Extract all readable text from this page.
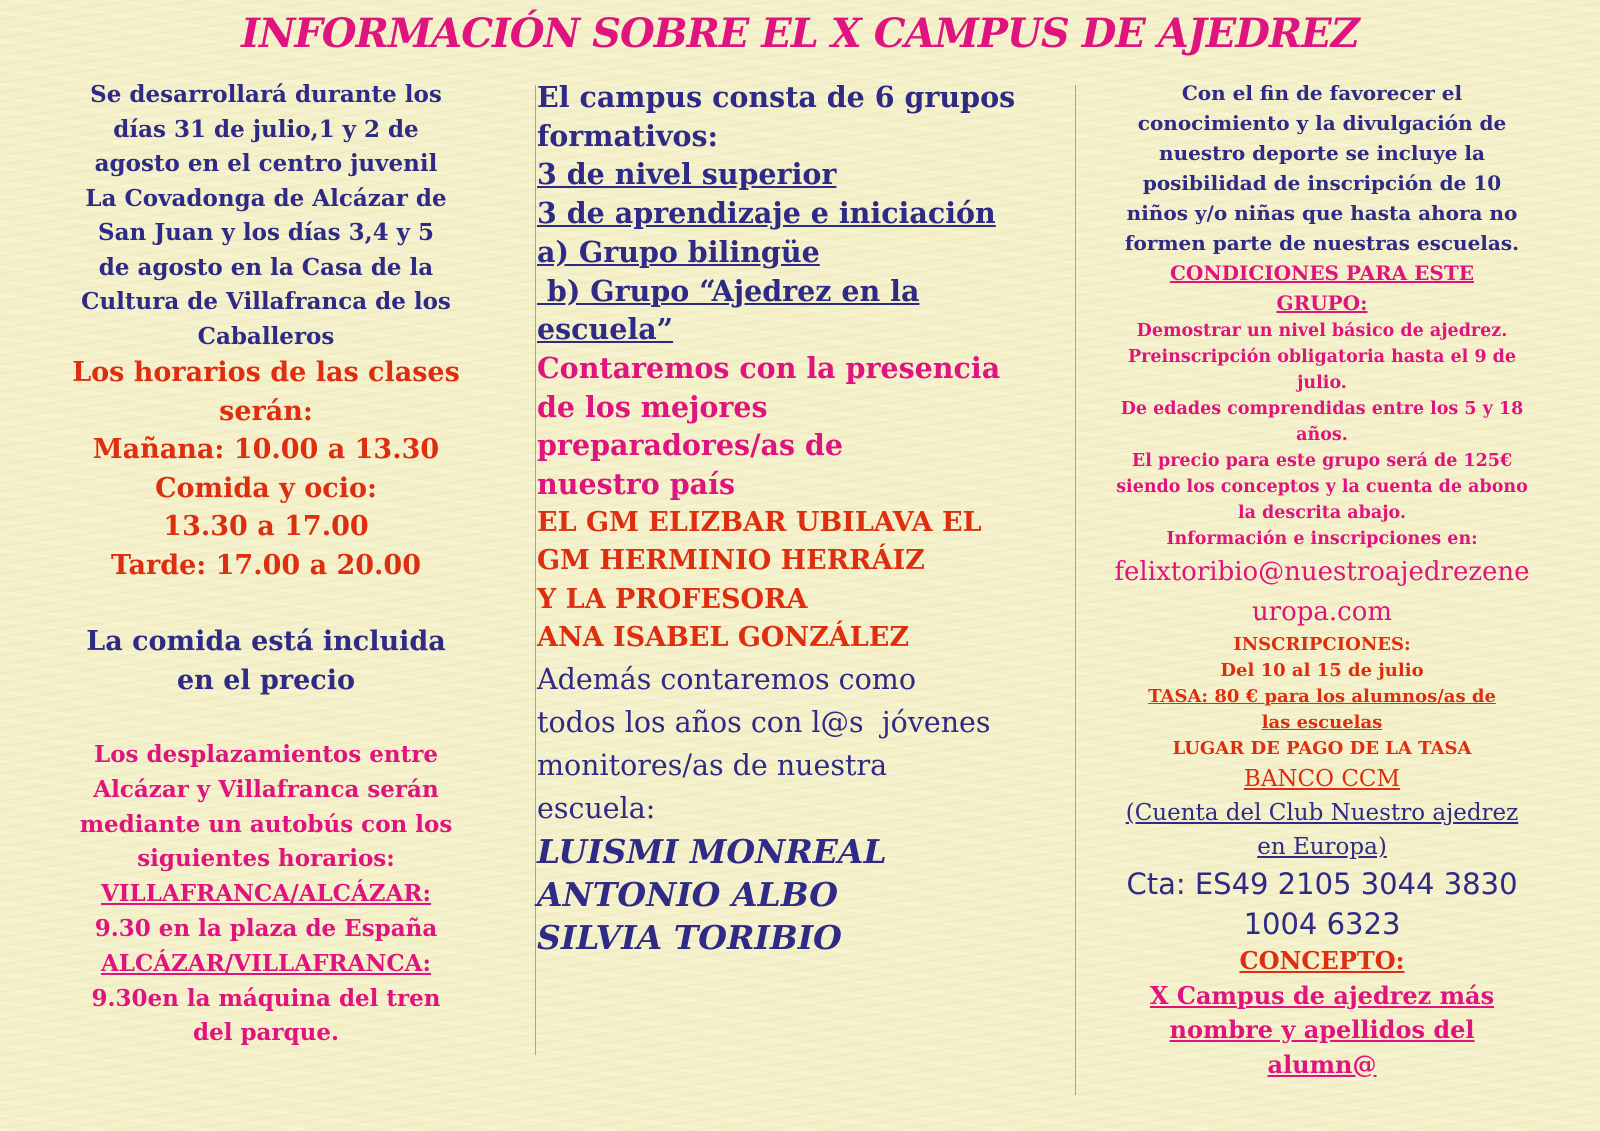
INFORMACIÓN SOBRE EL X CAMPUS DE AJEDREZ

Se desarrollará durante los

días 31 de julio,1 y 2 de

agosto en el centro juvenil

La Covadonga de Alcázar de

San Juan y los días 3,4 y 5

de agosto en la Casa de la

Cultura de Villafranca de los

Caballeros

Los horarios de las clases

serán:

Mañana: 10.00 a 13.30

Comida y ocio:

13.30 a 17.00

Tarde: 17.00 a 20.00

La comida está incluida

en el precio

Los desplazamientos entre

Alcázar y Villafranca serán

mediante un autobús con los

siguientes horarios:

VILLAFRANCA/ALCÁZAR:

9.30 en la plaza de España

ALCÁZAR/VILLAFRANCA:

9.30en la máquina del tren

del parque.

El campus consta de 6 grupos

formativos:

3 de nivel superior

3 de aprendizaje e iniciación

a) Grupo bilingüe

b) Grupo “Ajedrez en la

escuela”

Contaremos con la presencia

de los mejores

preparadores/as de

nuestro país

EL GM ELIZBAR UBILAVA EL

GM HERMINIO HERRÁIZ

Y LA PROFESORA

ANA ISABEL GONZÁLEZ

Además contaremos como

todos los años con l@s  jóvenes

monitores/as de nuestra

escuela:

LUISMI MONREAL

ANTONIO ALBO

SILVIA TORIBIO

Con el fin de favorecer el

conocimiento y la divulgación de

nuestro deporte se incluye la

posibilidad de inscripción de 10

niños y/o niñas que hasta ahora no

formen parte de nuestras escuelas.

CONDICIONES PARA ESTE

GRUPO:

Demostrar un nivel básico de ajedrez.

Preinscripción obligatoria hasta el 9 de

julio.

De edades comprendidas entre los 5 y 18

años.

El precio para este grupo será de 125€

siendo los conceptos y la cuenta de abono

la descrita abajo.

Información e inscripciones en:

felixtoribio@nuestroajedrezene

uropa.com

INSCRIPCIONES:

Del 10 al 15 de julio

TASA: 80 € para los alumnos/as de

las escuelas

LUGAR DE PAGO DE LA TASA

BANCO CCM

(Cuenta del Club Nuestro ajedrez

en Europa)

Cta: ES49 2105 3044 3830

1004 6323

CONCEPTO:

X Campus de ajedrez más

nombre y apellidos del

alumn@
